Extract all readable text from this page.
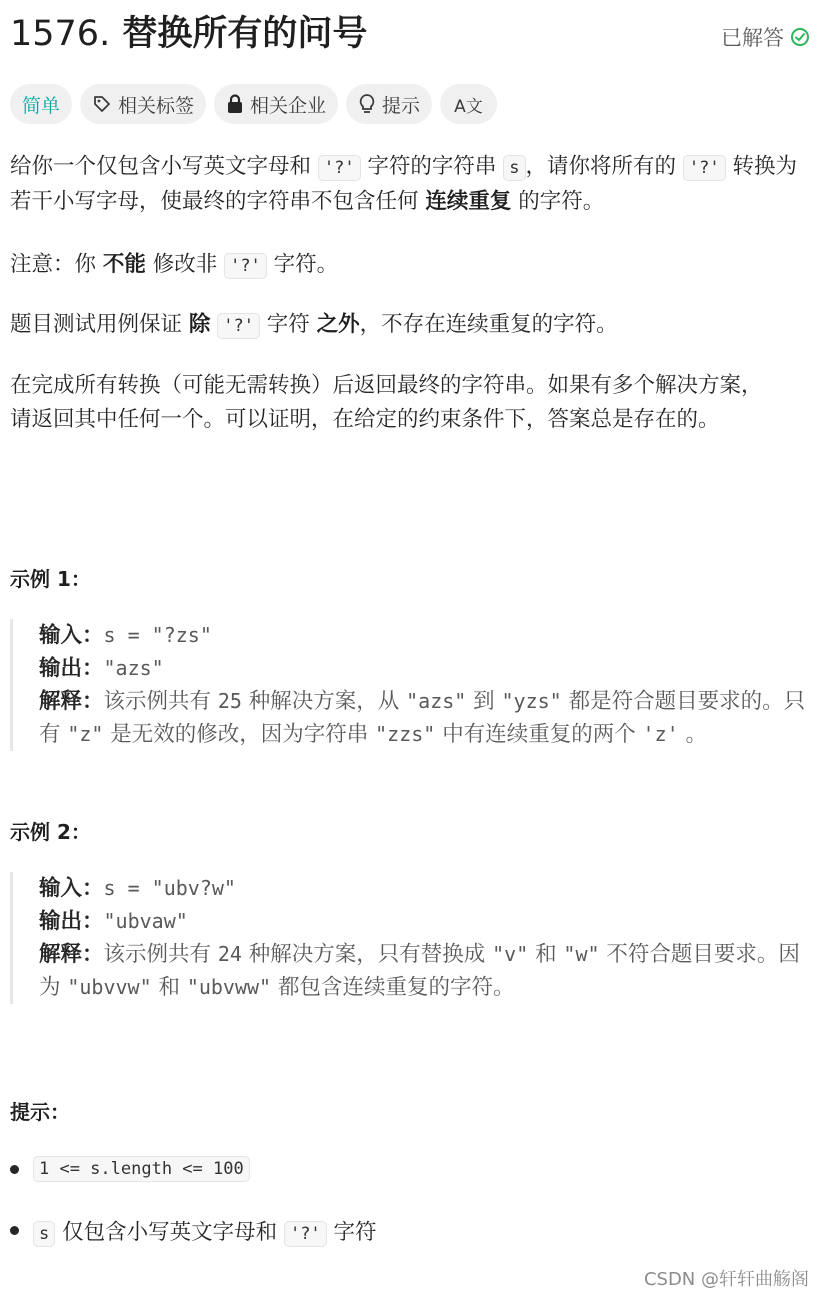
1576. 替换所有的问号	已解答
简单	相关标签	相关企业	提示 A文
给你一个仅包含小写英文字母和 '?' 字符的字符串 s ，请你将所有的 '?' 转换为若干小写字母，使最终的字符串不包含任何 连续重复 的字符。
注意：你 不能 修改非 '?' 字符。
题目测试用例保证 除 '?' 字符 之外，不存在连续重复的字符。
在完成所有转换（可能无需转换）后返回最终的字符串。如果有多个解决方案，请返回其中任何一个。可以证明，在给定的约束条件下，答案总是存在的。
示例 1：
输入：s = "?zs"
输出："azs"
解释：该示例共有 25 种解决方案，从 "azs" 到 "yzs" 都是符合题目要求的。只有 "z" 是无效的修改，因为字符串 "zzs" 中有连续重复的两个 'z' 。
示例 2：
输入：s = "ubv?w"
输出："ubvaw"
解释：该示例共有 24 种解决方案，只有替换成 "v" 和 "w" 不符合题目要求。因为 "ubvvw" 和 "ubvww" 都包含连续重复的字符。
提示：
1 <= s.length <= 100
s 仅包含小写英文字母和 '?' 字符
CSDN @轩轩曲觞阁
